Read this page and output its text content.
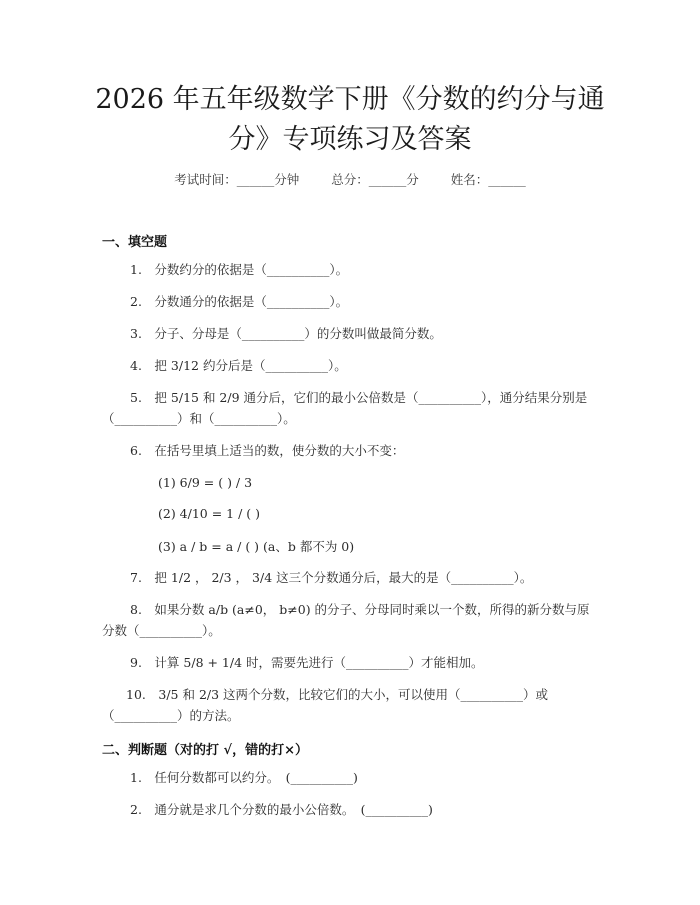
2026 年五年级数学下册《分数的约分与通分》专项练习及答案
考试时间：______分钟	总分：______分	姓名：______
一、填空题
1.　分数约分的依据是（__________）。
2.　分数通分的依据是（__________）。
3.　分子、分母是（__________）的分数叫做最简分数。
4.　把 3/12 约分后是（__________）。
5.　把 5/15 和 2/9 通分后，它们的最小公倍数是（__________），通分结果分别是（__________）和（__________）。
6.　在括号里填上适当的数，使分数的大小不变：
(1) 6/9 = ( ) / 3
(2) 4/10 = 1 / ( )
(3) a / b = a / ( ) (a、b 都不为 0)
7.　把 1/2 ， 2/3 ， 3/4 这三个分数通分后，最大的是（__________）。
8.　如果分数 a/b (a≠0， b≠0) 的分子、分母同时乘以一个数，所得的新分数与原分数（__________）。
9.　计算 5/8 + 1/4 时，需要先进行（__________）才能相加。
10.　3/5 和 2/3 这两个分数，比较它们的大小，可以使用（__________）或（__________）的方法。
二、判断题（对的打 √，错的打×）
1.　任何分数都可以约分。　(__________)
2.　通分就是求几个分数的最小公倍数。　(__________)
